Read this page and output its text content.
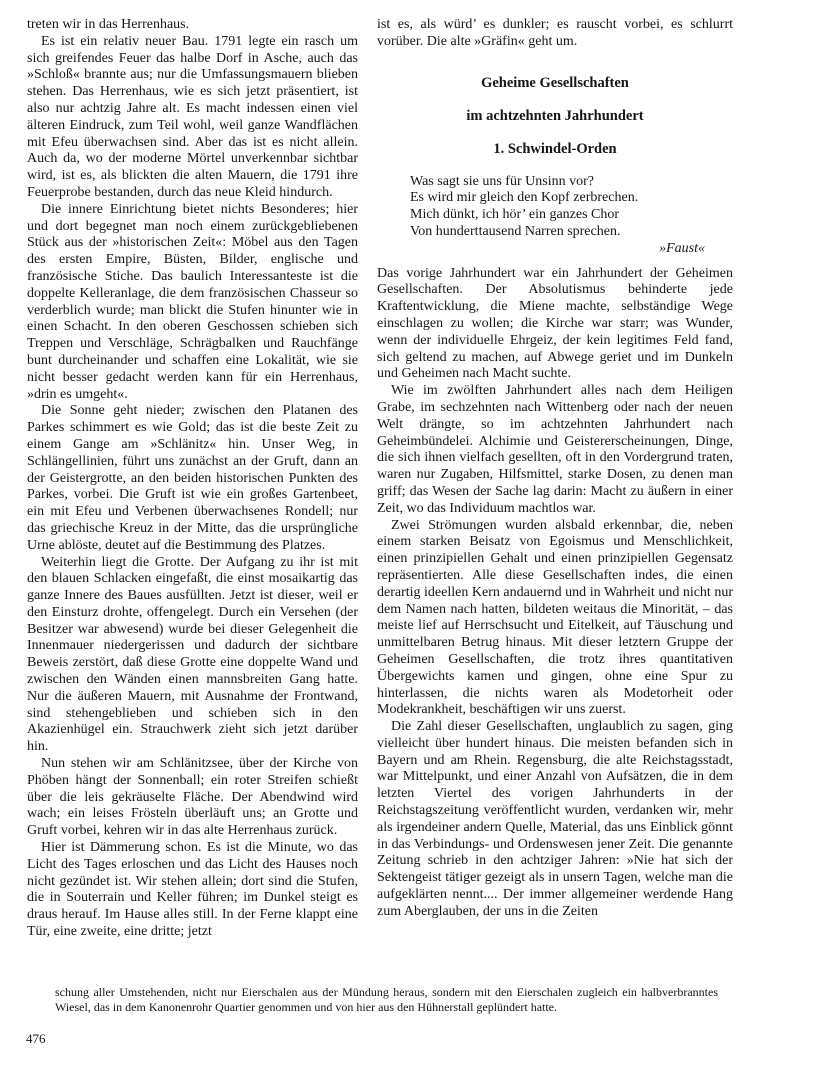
treten wir in das Herrenhaus.

Es ist ein relativ neuer Bau. 1791 legte ein rasch um sich greifendes Feuer das halbe Dorf in Asche, auch das »Schloß« brannte aus; nur die Umfassungsmauern blieben stehen. Das Herrenhaus, wie es sich jetzt präsentiert, ist also nur achtzig Jahre alt. Es macht indessen einen viel älteren Eindruck, zum Teil wohl, weil ganze Wandflächen mit Efeu überwachsen sind. Aber das ist es nicht allein. Auch da, wo der moderne Mörtel unverkennbar sichtbar wird, ist es, als blickten die alten Mauern, die 1791 ihre Feuerprobe bestanden, durch das neue Kleid hindurch.

Die innere Einrichtung bietet nichts Besonderes; hier und dort begegnet man noch einem zurückgebliebenen Stück aus der »historischen Zeit«: Möbel aus den Tagen des ersten Empire, Büsten, Bilder, englische und französische Stiche. Das baulich Interessanteste ist die doppelte Kelleranlage, die dem französischen Chasseur so verderblich wurde; man blickt die Stufen hinunter wie in einen Schacht. In den oberen Geschossen schieben sich Treppen und Verschläge, Schrägbalken und Rauchfänge bunt durcheinander und schaffen eine Lokalität, wie sie nicht besser gedacht werden kann für ein Herrenhaus, »drin es umgeht«.

Die Sonne geht nieder; zwischen den Platanen des Parkes schimmert es wie Gold; das ist die beste Zeit zu einem Gange am »Schlänitz« hin. Unser Weg, in Schlängellinien, führt uns zunächst an der Gruft, dann an der Geistergrotte, an den beiden historischen Punkten des Parkes, vorbei. Die Gruft ist wie ein großes Gartenbeet, ein mit Efeu und Verbenen überwachsenes Rondell; nur das griechische Kreuz in der Mitte, das die ursprüngliche Urne ablöste, deutet auf die Bestimmung des Platzes.

Weiterhin liegt die Grotte. Der Aufgang zu ihr ist mit den blauen Schlacken eingefaßt, die einst mosaikartig das ganze Innere des Baues ausfüllten. Jetzt ist dieser, weil er den Einsturz drohte, offengelegt. Durch ein Versehen (der Besitzer war abwesend) wurde bei dieser Gelegenheit die Innenmauer niedergerissen und dadurch der sichtbare Beweis zerstört, daß diese Grotte eine doppelte Wand und zwischen den Wänden einen mannsbreiten Gang hatte. Nur die äußeren Mauern, mit Ausnahme der Frontwand, sind stehengeblieben und schieben sich in den Akazienhügel ein. Strauchwerk zieht sich jetzt darüber hin.

Nun stehen wir am Schlänitzsee, über der Kirche von Phöben hängt der Sonnenball; ein roter Streifen schießt über die leis gekräuselte Fläche. Der Abendwind wird wach; ein leises Frösteln überläuft uns; an Grotte und Gruft vorbei, kehren wir in das alte Herrenhaus zurück.

Hier ist Dämmerung schon. Es ist die Minute, wo das Licht des Tages erloschen und das Licht des Hauses noch nicht gezündet ist. Wir stehen allein; dort sind die Stufen, die in Souterrain und Keller führen; im Dunkel steigt es draus herauf. Im Hause alles still. In der Ferne klappt eine Tür, eine zweite, eine dritte; jetzt

ist es, als würd’ es dunkler; es rauscht vorbei, es schlurrt vorüber. Die alte »Gräfin« geht um.

Geheime Gesellschaften
im achtzehnten Jahrhundert
1. Schwindel-Orden
Was sagt sie uns für Unsinn vor?
Es wird mir gleich den Kopf zerbrechen.
Mich dünkt, ich hör’ ein ganzes Chor
Von hunderttausend Narren sprechen.
»Faust«

Das vorige Jahrhundert war ein Jahrhundert der Geheimen Gesellschaften. Der Absolutismus behinderte jede Kraftentwicklung, die Miene machte, selbständige Wege einschlagen zu wollen; die Kirche war starr; was Wunder, wenn der individuelle Ehrgeiz, der kein legitimes Feld fand, sich geltend zu machen, auf Abwege geriet und im Dunkeln und Geheimen nach Macht suchte.

Wie im zwölften Jahrhundert alles nach dem Heiligen Grabe, im sechzehnten nach Wittenberg oder nach der neuen Welt drängte, so im achtzehnten Jahrhundert nach Geheimbündelei. Alchimie und Geistererscheinungen, Dinge, die sich ihnen vielfach gesellten, oft in den Vordergrund traten, waren nur Zugaben, Hilfsmittel, starke Dosen, zu denen man griff; das Wesen der Sache lag darin: Macht zu äußern in einer Zeit, wo das Individuum machtlos war.

Zwei Strömungen wurden alsbald erkennbar, die, neben einem starken Beisatz von Egoismus und Menschlichkeit, einen prinzipiellen Gehalt und einen prinzipiellen Gegensatz repräsentierten. Alle diese Gesellschaften indes, die einen derartig ideellen Kern andauernd und in Wahrheit und nicht nur dem Namen nach hatten, bildeten weitaus die Minorität, – das meiste lief auf Herrschsucht und Eitelkeit, auf Täuschung und unmittelbaren Betrug hinaus. Mit dieser letztern Gruppe der Geheimen Gesellschaften, die trotz ihres quantitativen Übergewichts kamen und gingen, ohne eine Spur zu hinterlassen, die nichts waren als Modetorheit oder Modekrankheit, beschäftigen wir uns zuerst.

Die Zahl dieser Gesellschaften, unglaublich zu sagen, ging vielleicht über hundert hinaus. Die meisten befanden sich in Bayern und am Rhein. Regensburg, die alte Reichstagsstadt, war Mittelpunkt, und einer Anzahl von Aufsätzen, die in dem letzten Viertel des vorigen Jahrhunderts in der Reichstagszeitung veröffentlicht wurden, verdanken wir, mehr als irgendeiner andern Quelle, Material, das uns Einblick gönnt in das Verbindungs- und Ordenswesen jener Zeit. Die genannte Zeitung schrieb in den achtziger Jahren: »Nie hat sich der Sektengeist tätiger gezeigt als in unsern Tagen, welche man die aufgeklärten nennt.... Der immer allgemeiner werdende Hang zum Aberglauben, der uns in die Zeiten

schung aller Umstehenden, nicht nur Eierschalen aus der Mündung heraus, sondern mit den Eierschalen zugleich ein halbverbranntes Wiesel, das in dem Kanonenrohr Quartier genommen und von hier aus den Hühnerstall geplündert hatte.
476
